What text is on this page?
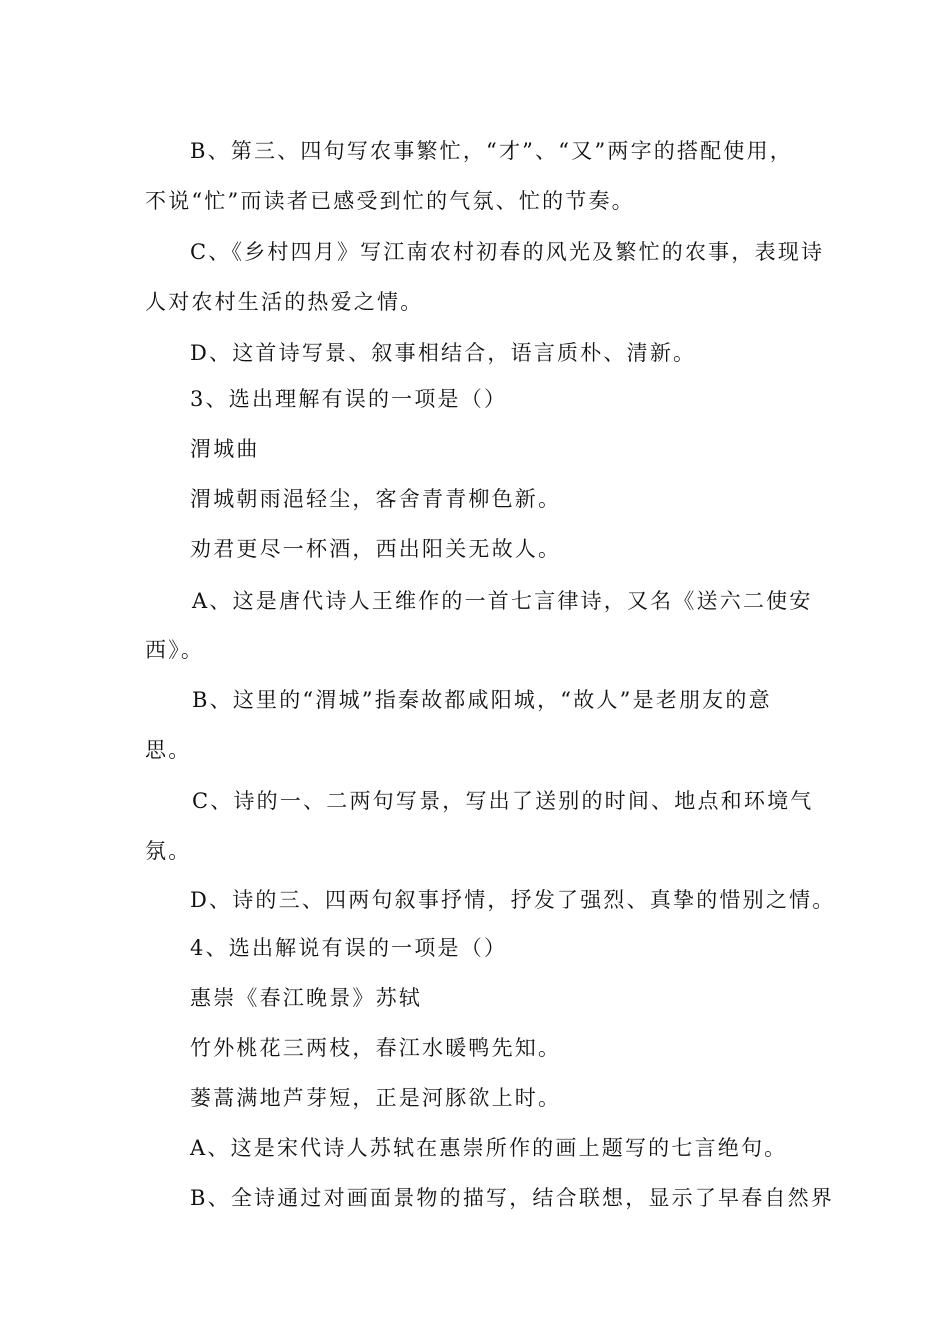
B、第三、四句写农事繁忙，“才”、“又”两字的搭配使用，
不说“忙”而读者已感受到忙的气氛、忙的节奏。
C、《乡村四月》写江南农村初春的风光及繁忙的农事，表现诗
人对农村生活的热爱之情。
D、这首诗写景、叙事相结合，语言质朴、清新。
3、选出理解有误的一项是（）
渭城曲
渭城朝雨浥轻尘，客舍青青柳色新。
劝君更尽一杯酒，西出阳关无故人。
A、这是唐代诗人王维作的一首七言律诗，又名《送六二使安
西》。
B、这里的“渭城”指秦故都咸阳城，“故人”是老朋友的意
思。
C、诗的一、二两句写景，写出了送别的时间、地点和环境气
氛。
D、诗的三、四两句叙事抒情，抒发了强烈、真挚的惜别之情。
4、选出解说有误的一项是（）
惠崇《春江晚景》苏轼
竹外桃花三两枝，春江水暖鸭先知。
蒌蒿满地芦芽短，正是河豚欲上时。
A、这是宋代诗人苏轼在惠崇所作的画上题写的七言绝句。
B、全诗通过对画面景物的描写，结合联想，显示了早春自然界
